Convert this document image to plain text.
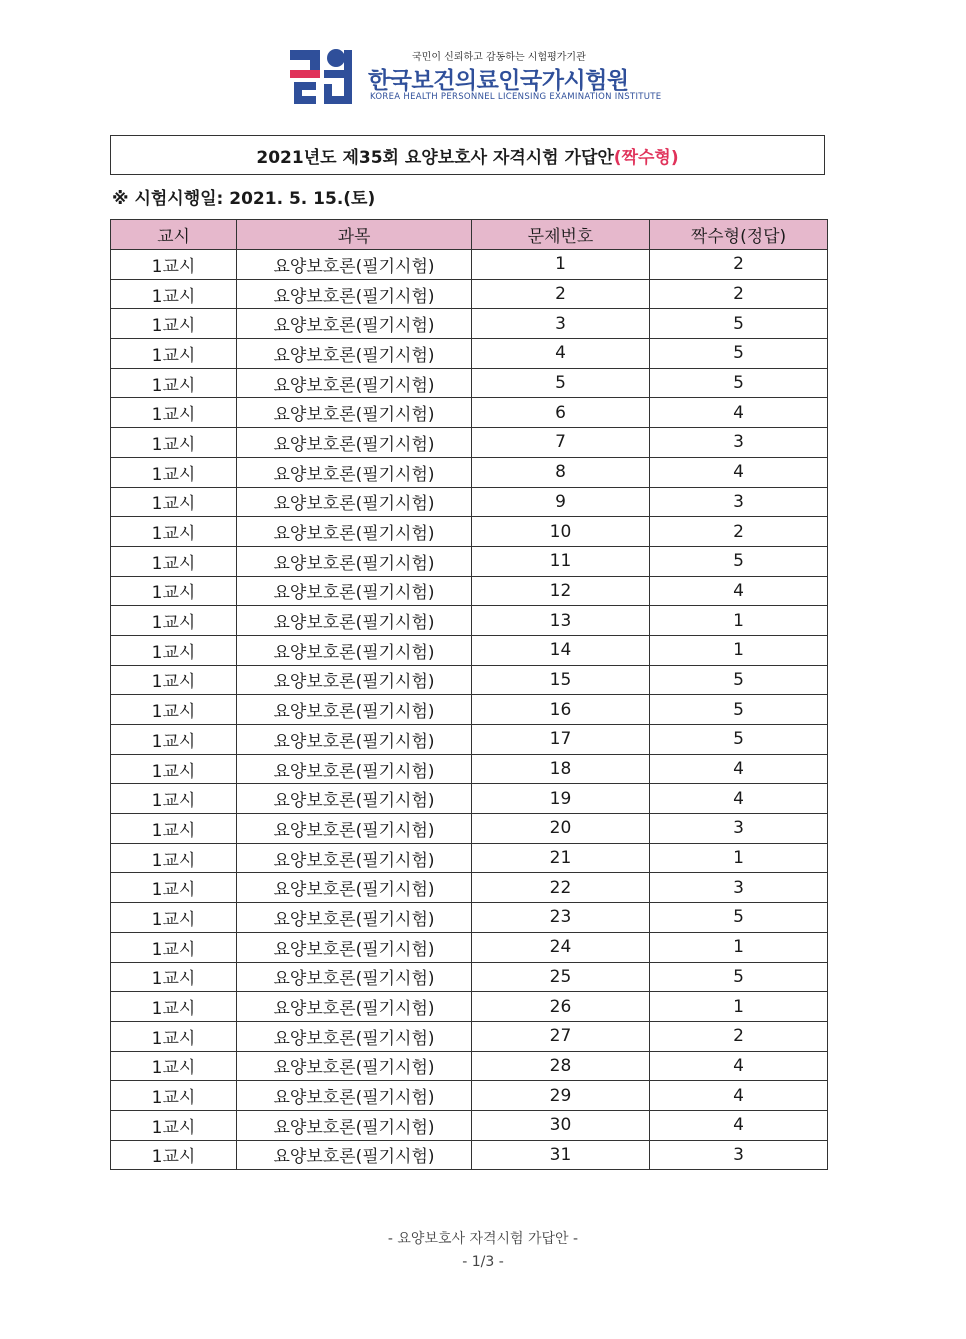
국민이 신뢰하고 감동하는 시험평가기관
한국보건의료인국가시험원
KOREA HEALTH PERSONNEL LICENSING EXAMINATION INSTITUTE
2021년도 제35회 요양보호사 자격시험 가답안 (짝수형)
※ 시험시행일: 2021. 5. 15.(토)
교시	과목	문제번호	짝수형(정답)
1교시	요양보호론(필기시험)	1	2
1교시	요양보호론(필기시험)	2	2
1교시	요양보호론(필기시험)	3	5
1교시	요양보호론(필기시험)	4	5
1교시	요양보호론(필기시험)	5	5
1교시	요양보호론(필기시험)	6	4
1교시	요양보호론(필기시험)	7	3
1교시	요양보호론(필기시험)	8	4
1교시	요양보호론(필기시험)	9	3
1교시	요양보호론(필기시험)	10	2
1교시	요양보호론(필기시험)	11	5
1교시	요양보호론(필기시험)	12	4
1교시	요양보호론(필기시험)	13	1
1교시	요양보호론(필기시험)	14	1
1교시	요양보호론(필기시험)	15	5
1교시	요양보호론(필기시험)	16	5
1교시	요양보호론(필기시험)	17	5
1교시	요양보호론(필기시험)	18	4
1교시	요양보호론(필기시험)	19	4
1교시	요양보호론(필기시험)	20	3
1교시	요양보호론(필기시험)	21	1
1교시	요양보호론(필기시험)	22	3
1교시	요양보호론(필기시험)	23	5
1교시	요양보호론(필기시험)	24	1
1교시	요양보호론(필기시험)	25	5
1교시	요양보호론(필기시험)	26	1
1교시	요양보호론(필기시험)	27	2
1교시	요양보호론(필기시험)	28	4
1교시	요양보호론(필기시험)	29	4
1교시	요양보호론(필기시험)	30	4
1교시	요양보호론(필기시험)	31	3
- 요양보호사 자격시험 가답안 -
- 1/3 -
